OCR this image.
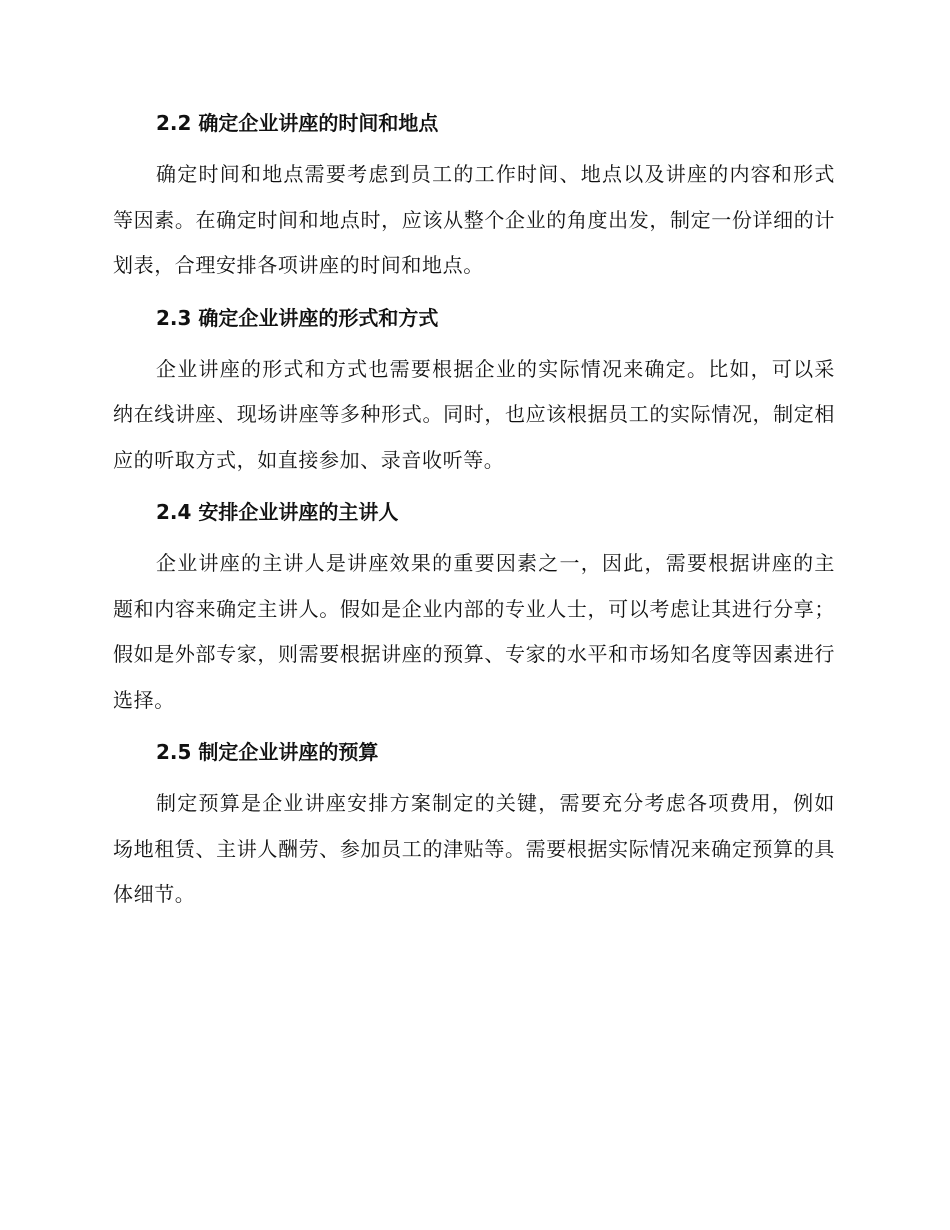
2.2 确定企业讲座的时间和地点

确定时间和地点需要考虑到员工的工作时间、地点以及讲座的内容和形式等因素。在确定时间和地点时，应该从整个企业的角度出发，制定一份详细的计划表，合理安排各项讲座的时间和地点。

2.3 确定企业讲座的形式和方式

企业讲座的形式和方式也需要根据企业的实际情况来确定。比如，可以采纳在线讲座、现场讲座等多种形式。同时，也应该根据员工的实际情况，制定相应的听取方式，如直接参加、录音收听等。

2.4 安排企业讲座的主讲人

企业讲座的主讲人是讲座效果的重要因素之一，因此，需要根据讲座的主题和内容来确定主讲人。假如是企业内部的专业人士，可以考虑让其进行分享；假如是外部专家，则需要根据讲座的预算、专家的水平和市场知名度等因素进行选择。

2.5 制定企业讲座的预算

制定预算是企业讲座安排方案制定的关键，需要充分考虑各项费用，例如场地租赁、主讲人酬劳、参加员工的津贴等。需要根据实际情况来确定预算的具体细节。
